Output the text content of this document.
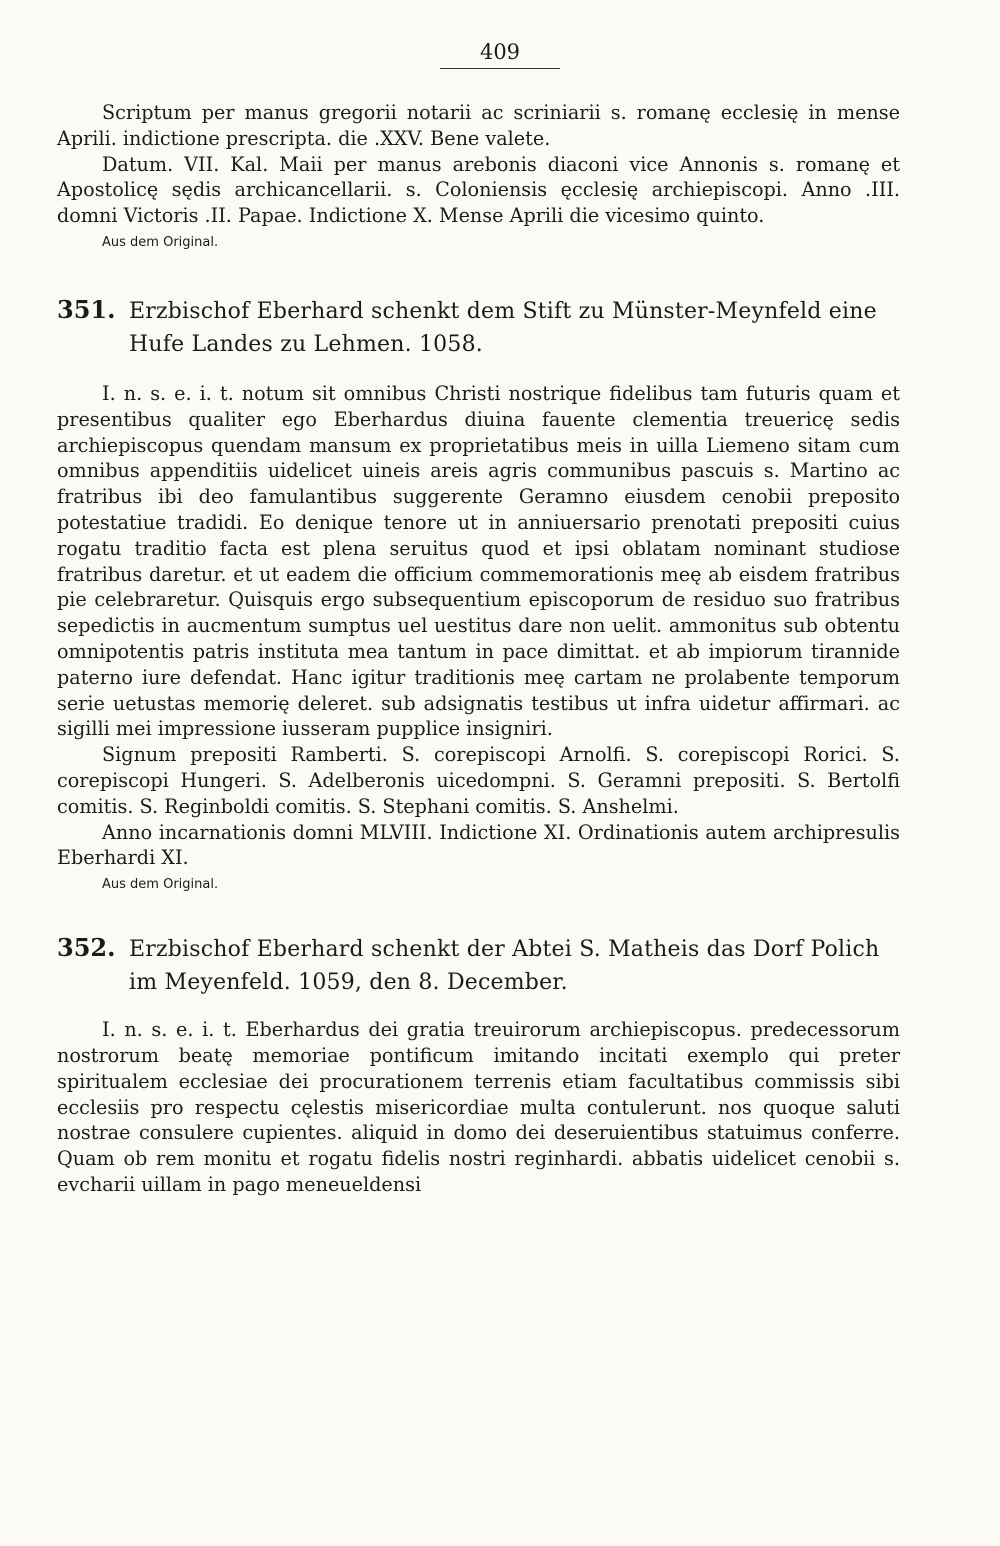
409

Scriptum per manus gregorii notarii ac scriniarii s. romanę ecclesię in mense Aprili. indictione prescripta. die .XXV. Bene valete.

Datum. VII. Kal. Maii per manus arebonis diaconi vice Annonis s. romanę et Apostolicę sędis archicancellarii. s. Coloniensis ęcclesię archiepiscopi. Anno .III. domni Victoris .II. Papae. Indictione X. Mense Aprili die vicesimo quinto.

Aus dem Original.

351. Erzbischof Eberhard schenkt dem Stift zu Münster-Meynfeld eine Hufe Landes zu Lehmen. 1058.

I. n. s. e. i. t. notum sit omnibus Christi nostrique fidelibus tam futuris quam et presentibus qualiter ego Eberhardus diuina fauente clementia treuericę sedis archiepiscopus quendam mansum ex proprietatibus meis in uilla Liemeno sitam cum omnibus appenditiis uidelicet uineis areis agris communibus pascuis s. Martino ac fratribus ibi deo famulantibus suggerente Geramno eiusdem cenobii preposito potestatiue tradidi. Eo denique tenore ut in anniuersario prenotati prepositi cuius rogatu traditio facta est plena seruitus quod et ipsi oblatam nominant studiose fratribus daretur. et ut eadem die officium commemorationis meę ab eisdem fratribus pie celebraretur. Quisquis ergo subsequentium episcoporum de residuo suo fratribus sepedictis in aucmentum sumptus uel uestitus dare non uelit. ammonitus sub obtentu omnipotentis patris instituta mea tantum in pace dimittat. et ab impiorum tirannide paterno iure defendat. Hanc igitur traditionis meę cartam ne prolabente temporum serie uetustas memorię deleret. sub adsignatis testibus ut infra uidetur affirmari. ac sigilli mei impressione iusseram pupplice insigniri.

Signum prepositi Ramberti. S. corepiscopi Arnolfi. S. corepiscopi Rorici. S. corepiscopi Hungeri. S. Adelberonis uicedompni. S. Geramni prepositi. S. Bertolfi comitis. S. Reginboldi comitis. S. Stephani comitis. S. Anshelmi.

Anno incarnationis domni MLVIII. Indictione XI. Ordinationis autem archipresulis Eberhardi XI.

Aus dem Original.

352. Erzbischof Eberhard schenkt der Abtei S. Matheis das Dorf Polich im Meyenfeld. 1059, den 8. December.

I. n. s. e. i. t. Eberhardus dei gratia treuirorum archiepiscopus. predecessorum nostrorum beatę memoriae pontificum imitando incitati exemplo qui preter spiritualem ecclesiae dei procurationem terrenis etiam facultatibus commissis sibi ecclesiis pro respectu cęlestis misericordiae multa contulerunt. nos quoque saluti nostrae consulere cupientes. aliquid in domo dei deseruientibus statuimus conferre. Quam ob rem monitu et rogatu fidelis nostri reginhardi. abbatis uidelicet cenobii s. evcharii uillam in pago meneueldensi
